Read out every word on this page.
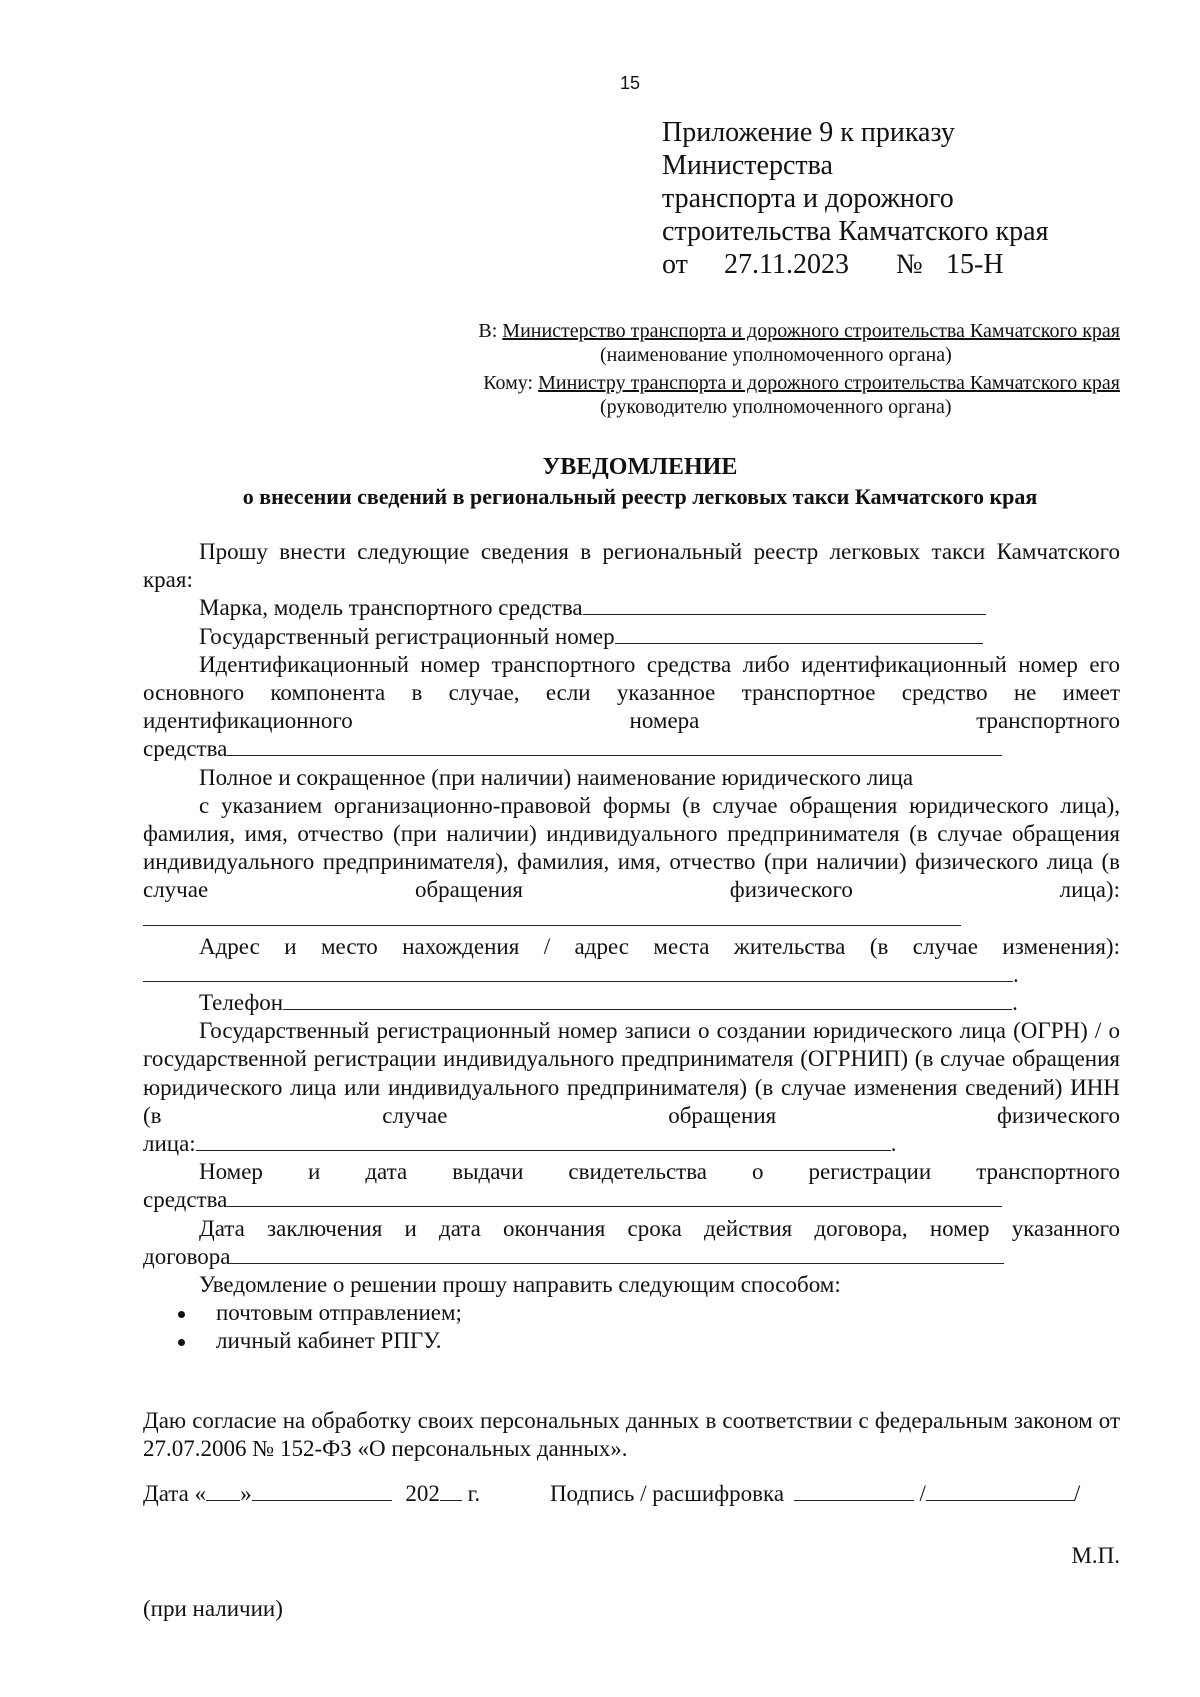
15
Приложение 9 к приказу
Министерства
транспорта и дорожного
строительства Камчатского края
от 27.11.2023 № 15-Н
В: Министерство транспорта и дорожного строительства Камчатского края
(наименование уполномоченного органа)
Кому: Министру транспорта и дорожного строительства Камчатского края
(руководителю уполномоченного органа)
УВЕДОМЛЕНИЕ
о внесении сведений в региональный реестр легковых такси Камчатского края
Прошу внести следующие сведения в региональный реестр легковых такси Камчатского края:
Марка, модель транспортного средства
Государственный регистрационный номер
Идентификационный номер транспортного средства либо идентификационный номер его основного компонента в случае, если указанное транспортное средство не имеет идентификационного номера транспортного
средства
Полное и сокращенное (при наличии) наименование юридического лица
с указанием организационно-правовой формы (в случае обращения юридического лица), фамилия, имя, отчество (при наличии) индивидуального предпринимателя (в случае обращения индивидуального предпринимателя), фамилия, имя, отчество (при наличии) физического лица (в случае обращения физического лица):
Адрес и место нахождения / адрес места жительства (в случае изменения):
.
Телефон	.
Государственный регистрационный номер записи о создании юридического лица (ОГРН) / о государственной регистрации индивидуального предпринимателя (ОГРНИП) (в случае обращения юридического лица или индивидуального предпринимателя) (в случае изменения сведений) ИНН (в случае обращения физического
лица:	.
Номер и дата выдачи свидетельства о регистрации транспортного
средства
Дата заключения и дата окончания срока действия договора, номер указанного
договора
Уведомление о решении прошу направить следующим способом:
почтовым отправлением;
личный кабинет РПГУ.
Даю согласие на обработку своих персональных данных в соответствии с федеральным законом от 27.07.2006 № 152-ФЗ «О персональных данных».
Дата « »	202 г.	Подпись / расшифровка	/	/
М.П.
(при наличии)
